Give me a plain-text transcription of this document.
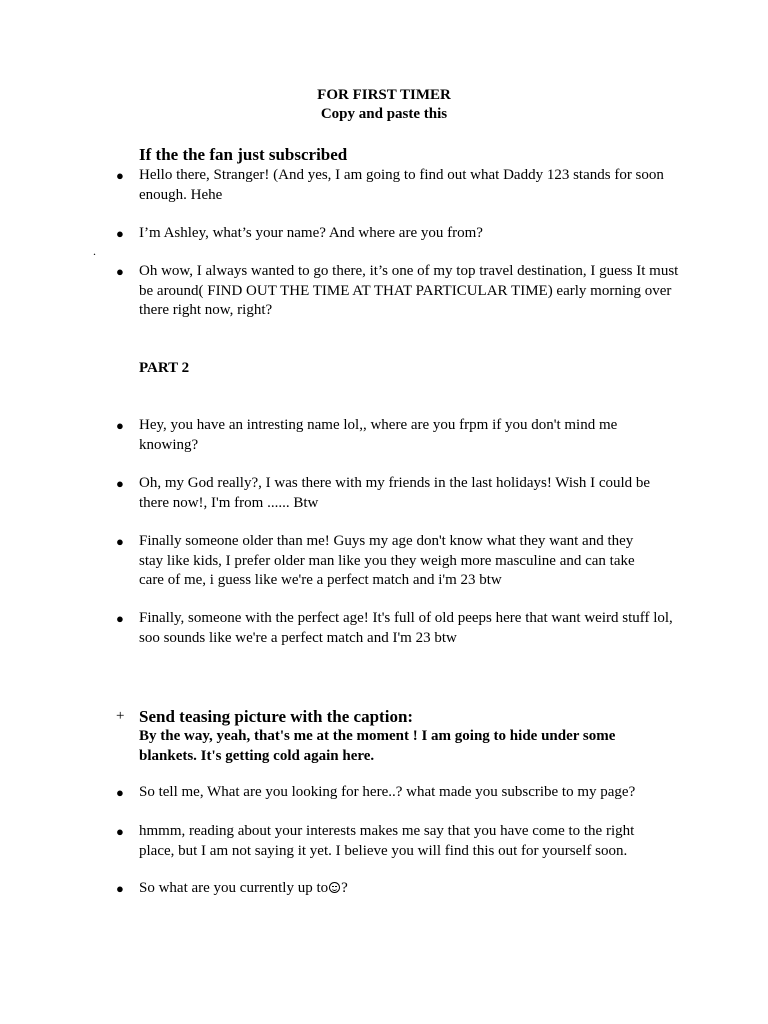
FOR FIRST TIMER
Copy and paste this
If the the fan just subscribed
● Hello there, Stranger! (And yes, I am going to find out what Daddy 123 stands for soon enough. Hehe
● I’m Ashley, what’s your name? And where are you from?
.
● Oh wow, I always wanted to go there, it’s one of my top travel destination, I guess It must be around( FIND OUT THE TIME AT THAT PARTICULAR TIME) early morning over there right now, right?
PART 2
● Hey, you have an intresting name lol,, where are you frpm if you don't mind me knowing?
● Oh, my God really?, I was there with my friends in the last holidays! Wish I could be there now!, I'm from ...... Btw
● Finally someone older than me! Guys my age don't know what they want and they stay like kids, I prefer older man like you they weigh more masculine and can take care of me, i guess like we're a perfect match and i'm 23 btw
● Finally, someone with the perfect age! It's full of old peeps here that want weird stuff lol, soo sounds like we're a perfect match and I'm 23 btw
+ Send teasing picture with the caption:
By the way, yeah, that's me at the moment ! I am going to hide under some blankets. It's getting cold again here.
● So tell me, What are you looking for here..? what made you subscribe to my page?
● hmmm, reading about your interests makes me say that you have come to the right place, but I am not saying it yet. I believe you will find this out for yourself soon.
● So what are you currently up to ?
